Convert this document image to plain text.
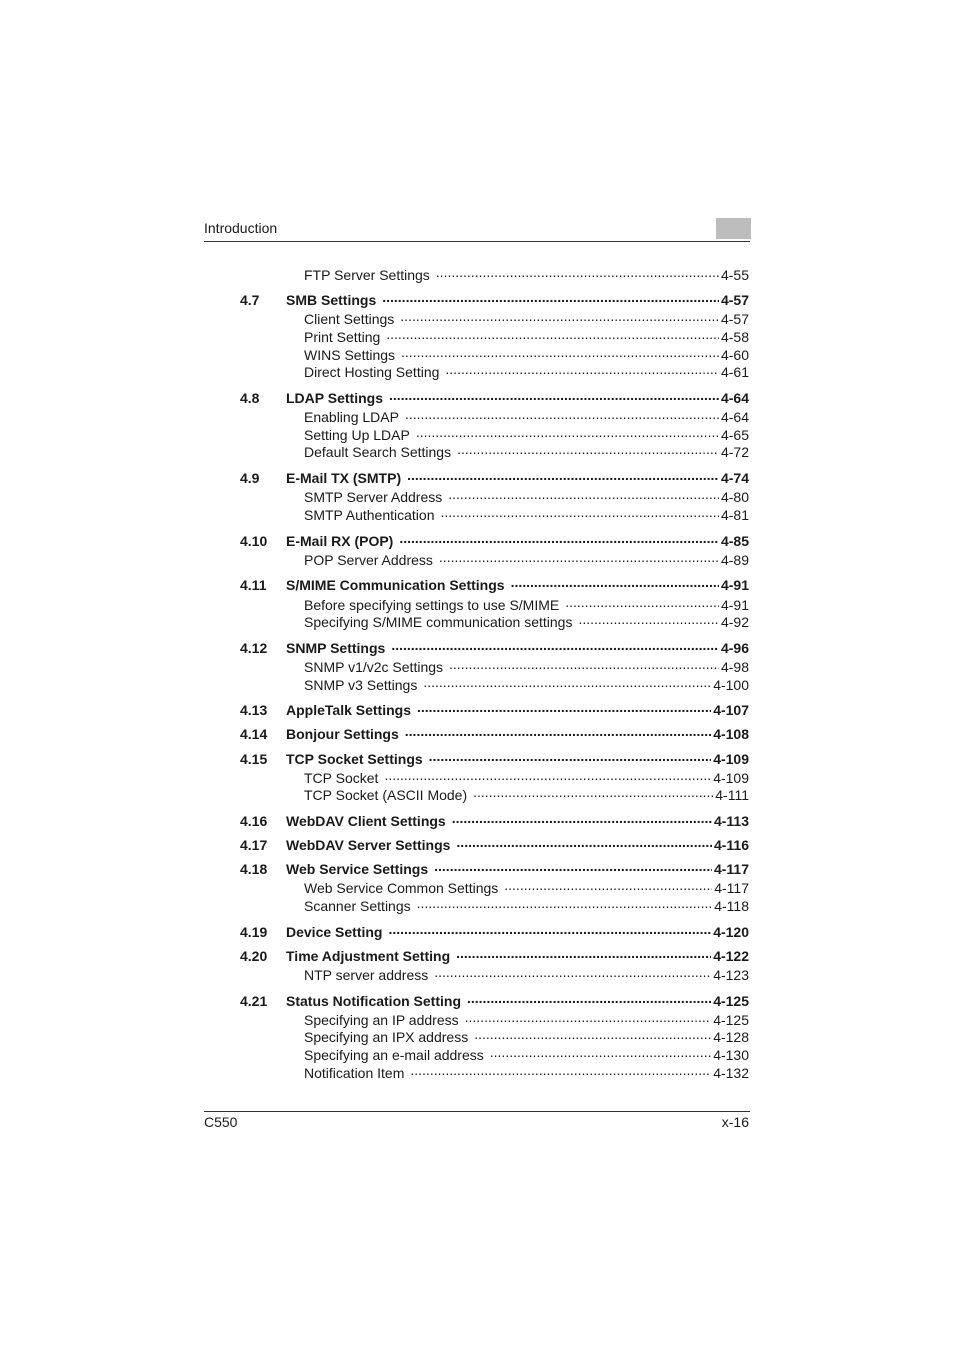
Introduction
FTP Server Settings .....	4-55
4.7	SMB Settings .....	4-57
Client Settings .....	4-57
Print Setting .....	4-58
WINS Settings .....	4-60
Direct Hosting Setting .....	4-61
4.8	LDAP Settings .....	4-64
Enabling LDAP .....	4-64
Setting Up LDAP .....	4-65
Default Search Settings .....	4-72
4.9	E-Mail TX (SMTP) .....	4-74
SMTP Server Address .....	4-80
SMTP Authentication .....	4-81
4.10	E-Mail RX (POP) .....	4-85
POP Server Address .....	4-89
4.11	S/MIME Communication Settings .....	4-91
Before specifying settings to use S/MIME .....	4-91
Specifying S/MIME communication settings .....	4-92
4.12	SNMP Settings .....	4-96
SNMP v1/v2c Settings .....	4-98
SNMP v3 Settings .....	4-100
4.13	AppleTalk Settings .....	4-107
4.14	Bonjour Settings .....	4-108
4.15	TCP Socket Settings .....	4-109
TCP Socket .....	4-109
TCP Socket (ASCII Mode) .....	4-111
4.16	WebDAV Client Settings .....	4-113
4.17	WebDAV Server Settings .....	4-116
4.18	Web Service Settings .....	4-117
Web Service Common Settings .....	4-117
Scanner Settings .....	4-118
4.19	Device Setting .....	4-120
4.20	Time Adjustment Setting .....	4-122
NTP server address .....	4-123
4.21	Status Notification Setting .....	4-125
Specifying an IP address .....	4-125
Specifying an IPX address .....	4-128
Specifying an e-mail address .....	4-130
Notification Item .....	4-132
C550	x-16
